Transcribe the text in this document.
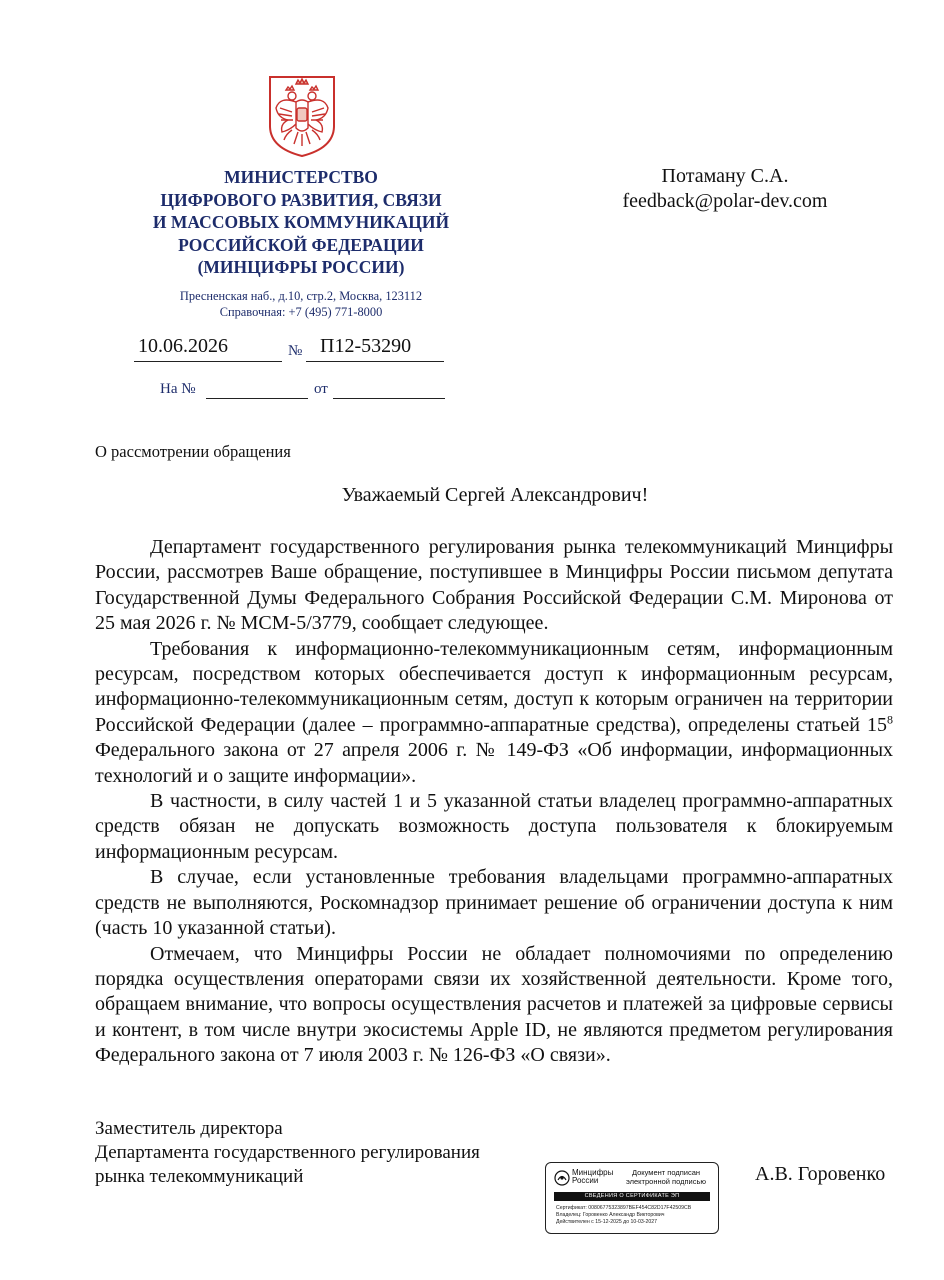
МИНИСТЕРСТВО
ЦИФРОВОГО РАЗВИТИЯ, СВЯЗИ
И МАССОВЫХ КОММУНИКАЦИЙ
РОССИЙСКОЙ ФЕДЕРАЦИИ
(МИНЦИФРЫ РОССИИ)
Пресненская наб., д.10, стр.2, Москва, 123112
Справочная: +7 (495) 771-8000
Потаману С.А.
feedback@polar-dev.com
10.06.2026	№ П12-53290
На №	от
О рассмотрении обращения
Уважаемый Сергей Александрович!

Департамент государственного регулирования рынка телекоммуникаций Минцифры России, рассмотрев Ваше обращение, поступившее в Минцифры России письмом депутата Государственной Думы Федерального Собрания Российской Федерации С.М. Миронова от 25 мая 2026 г. № МСМ-5/3779, сообщает следующее.

Требования к информационно-телекоммуникационным сетям, информационным ресурсам, посредством которых обеспечивается доступ к информационным ресурсам, информационно-телекоммуникационным сетям, доступ к которым ограничен на территории Российской Федерации (далее – программно-аппаратные средства), определены статьей $15^8$ Федерального закона от 27 апреля 2006 г. № 149-ФЗ «Об информации, информационных технологий и о защите информации».

В частности, в силу частей 1 и 5 указанной статьи владелец программно-аппаратных средств обязан не допускать возможность доступа пользователя к блокируемым информационным ресурсам.

В случае, если установленные требования владельцами программно-аппаратных средств не выполняются, Роскомнадзор принимает решение об ограничении доступа к ним (часть 10 указанной статьи).

Отмечаем, что Минцифры России не обладает полномочиями по определению порядка осуществления операторами связи их хозяйственной деятельности. Кроме того, обращаем внимание, что вопросы осуществления расчетов и платежей за цифровые сервисы и контент, в том числе внутри экосистемы Apple ID, не являются предметом регулирования Федерального закона от 7 июля 2003 г. № 126-ФЗ «О связи».

Заместитель директора
Департамента государственного регулирования
рынка телекоммуникаций	Минцифры
России
Документ подписан
электронной подписью
СВЕДЕНИЯ О СЕРТИФИКАТЕ ЭП
Сертификат: 00806775323897BEF454C82D17F42509CB
Владелец: Горовенко Александр Викторович
Действителен с 15-12-2025 до 10-03-2027
А.В. Горовенко
